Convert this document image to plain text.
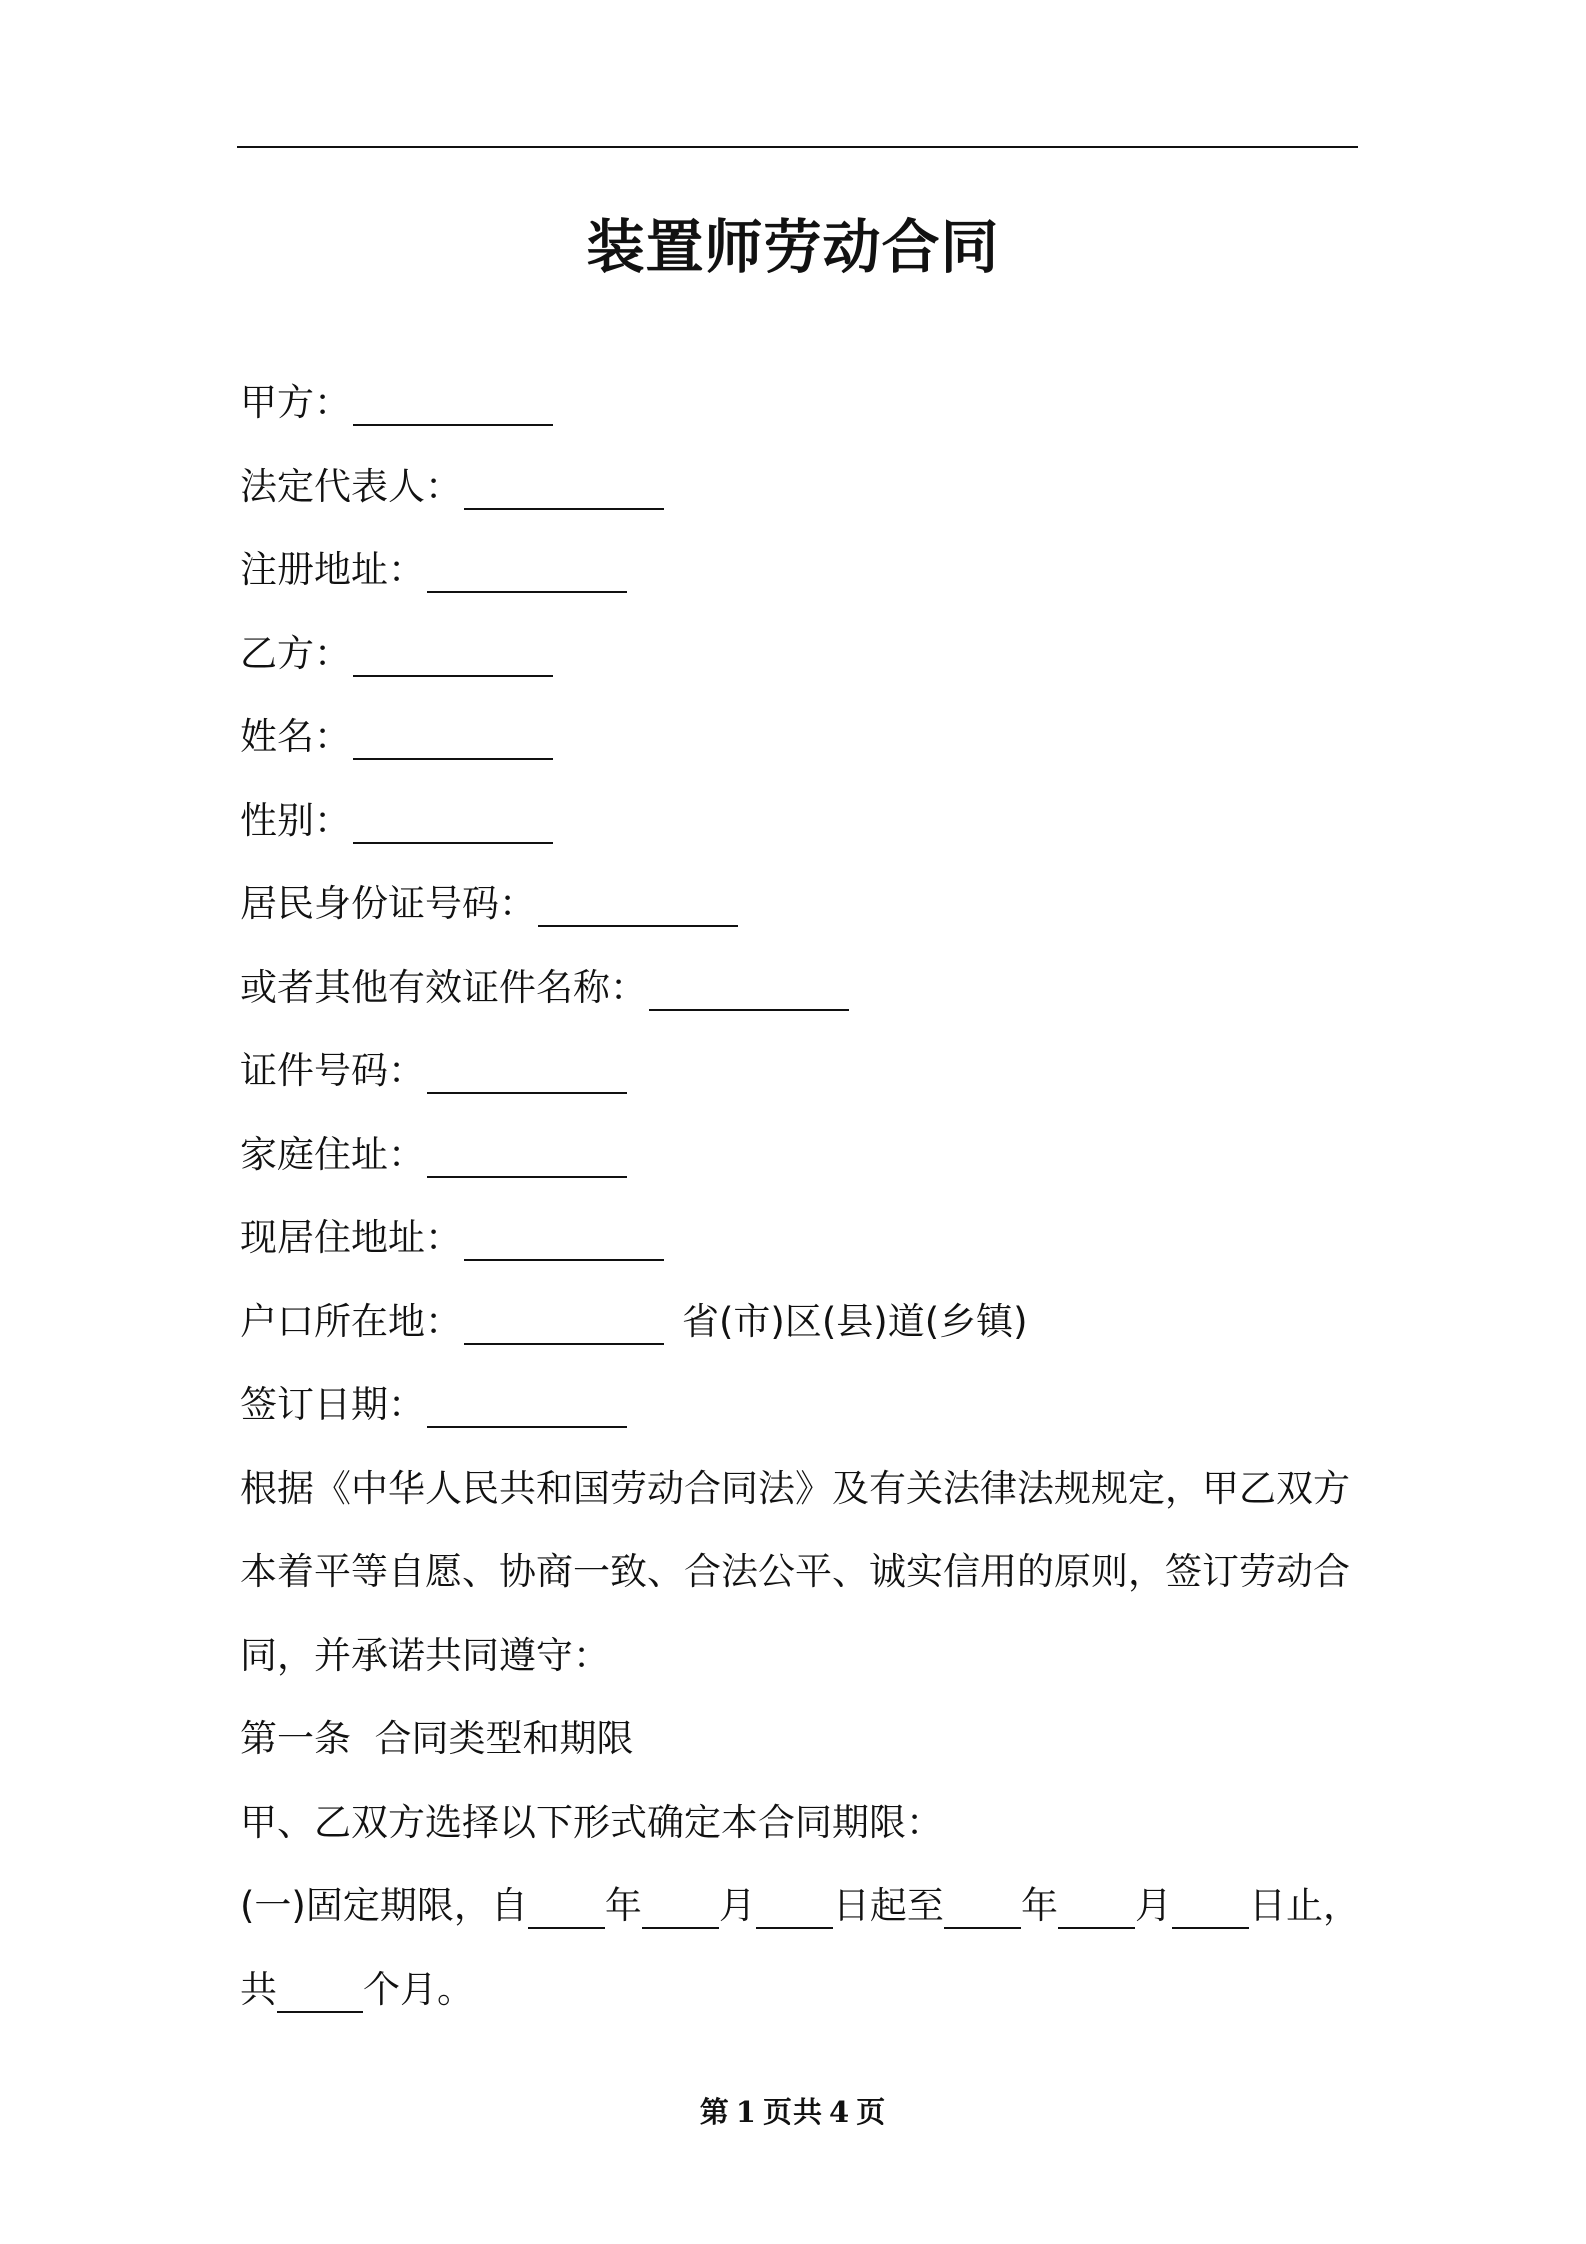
装置师劳动合同
甲方：
法定代表人：
注册地址：
乙方：
姓名：
性别：
居民身份证号码：
或者其他有效证件名称：
证件号码：
家庭住址：
现居住地址：
户口所在地：	省(市)区(县)道(乡镇)
签订日期：
根据《中华人民共和国劳动合同法》及有关法律法规规定，甲乙双方
本着平等自愿、协商一致、合法公平、诚实信用的原则，签订劳动合
同，并承诺共同遵守：
第一条  合同类型和期限
甲、乙双方选择以下形式确定本合同期限：
(一)固定期限，自 年 月 日起至 年 月 日止，
共 个月。
第 1 页共 4 页
